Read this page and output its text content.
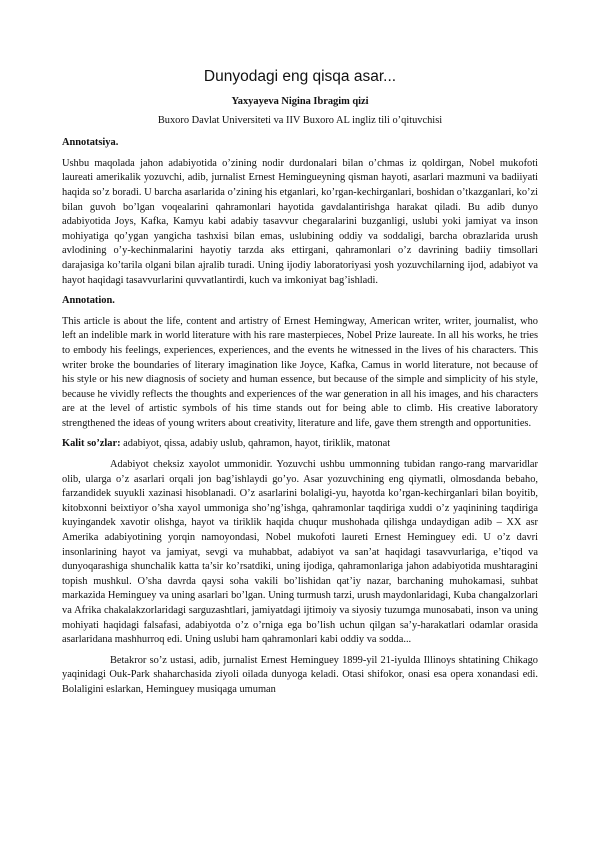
Dunyodagi eng qisqa asar...
Yaxyayeva Nigina Ibragim qizi
Buxoro Davlat Universiteti va IIV Buxoro AL ingliz tili o’qituvchisi
Annotatsiya.
Ushbu maqolada jahon adabiyotida o’zining nodir durdonalari bilan o’chmas iz qoldirgan, Nobel mukofoti laureati amerikalik yozuvchi, adib, jurnalist Ernest Hemingueyning qisman hayoti, asarlari mazmuni va badiiyati haqida so’z boradi. U barcha asarlarida o’zining his etganlari, ko’rgan-kechirganlari, boshidan o’tkazganlari, ko’zi bilan guvoh bo’lgan voqealarini qahramonlari hayotida gavdalantirishga harakat qiladi. Bu adib dunyo adabiyotida Joys, Kafka, Kamyu kabi adabiy tasavvur chegaralarini buzganligi, uslubi yoki jamiyat va inson mohiyatiga qo’ygan yangicha tashxisi bilan emas, uslubining oddiy va soddaligi, barcha obrazlarida urush avlodining o’y-kechinmalarini hayotiy tarzda aks ettirgani, qahramonlari o’z davrining badiiy timsollari darajasiga ko’tarila olgani bilan ajralib turadi. Uning ijodiy laboratoriyasi yosh yozuvchilarning ijod, adabiyot va hayot haqidagi tasavvurlarini quvvatlantirdi, kuch va imkoniyat bag’ishladi.
Annotation.
This article is about the life, content and artistry of Ernest Hemingway, American writer, writer, journalist, who left an indelible mark in world literature with his rare masterpieces, Nobel Prize laureate. In all his works, he tries to embody his feelings, experiences, experiences, and the events he witnessed in the lives of his characters. This writer broke the boundaries of literary imagination like Joyce, Kafka, Camus in world literature, not because of his style or his new diagnosis of society and human essence, but because of the simple and simplicity of his style, because he vividly reflects the thoughts and experiences of the war generation in all his images, and his characters are at the level of artistic symbols of his time stands out for being able to climb. His creative laboratory strengthened the ideas of young writers about creativity, literature and life, gave them strength and opportunities.
Kalit so’zlar: adabiyot, qissa, adabiy uslub, qahramon, hayot, tiriklik, matonat
Adabiyot cheksiz xayolot ummonidir. Yozuvchi ushbu ummonning tubidan rango-rang marvaridlar olib, ularga o’z asarlari orqali jon bag’ishlaydi go’yo. Asar yozuvchining eng qiymatli, olmosdanda bebaho, farzandidek suyukli xazinasi hisoblanadi. O’z asarlarini bolaligi-yu, hayotda ko’rgan-kechirganlari bilan boyitib, kitobxonni beixtiyor o’sha xayol ummoniga sho’ng’ishga, qahramonlar taqdiriga xuddi o’z yaqinining taqdiriga kuyingandek xavotir olishga, hayot va tiriklik haqida chuqur mushohada qilishga undaydigan adib – XX asr Amerika adabiyotining yorqin namoyondasi, Nobel mukofoti laureti Ernest Heminguey edi. U o’z davri insonlarining hayot va jamiyat, sevgi va muhabbat, adabiyot va san’at haqidagi tasavvurlariga, e’tiqod va dunyoqarashiga shunchalik katta ta’sir ko’rsatdiki, uning ijodiga, qahramonlariga jahon adabiyotida mushtaragini topish mushkul. O’sha davrda qaysi soha vakili bo’lishidan qat’iy nazar, barchaning muhokamasi, suhbat markazida Heminguey va uning asarlari bo’lgan. Uning turmush tarzi, urush maydonlaridagi, Kuba changalzorlari va Afrika chakalakzorlaridagi sarguzashtlari, jamiyatdagi ijtimoiy va siyosiy tuzumga munosabati, inson va uning mohiyati haqidagi falsafasi, adabiyotda o’z o’rniga ega bo’lish uchun qilgan sa’y-harakatlari odamlar orasida asarlaridana mashhurroq edi. Uning uslubi ham qahramonlari kabi oddiy va sodda...
Betakror so’z ustasi, adib, jurnalist Ernest Heminguey 1899-yil 21-iyulda Illinoys shtatining Chikago yaqinidagi Ouk-Park shaharchasida ziyoli oilada dunyoga keladi. Otasi shifokor, onasi esa opera xonandasi edi. Bolaligini eslarkan, Heminguey musiqaga umuman
